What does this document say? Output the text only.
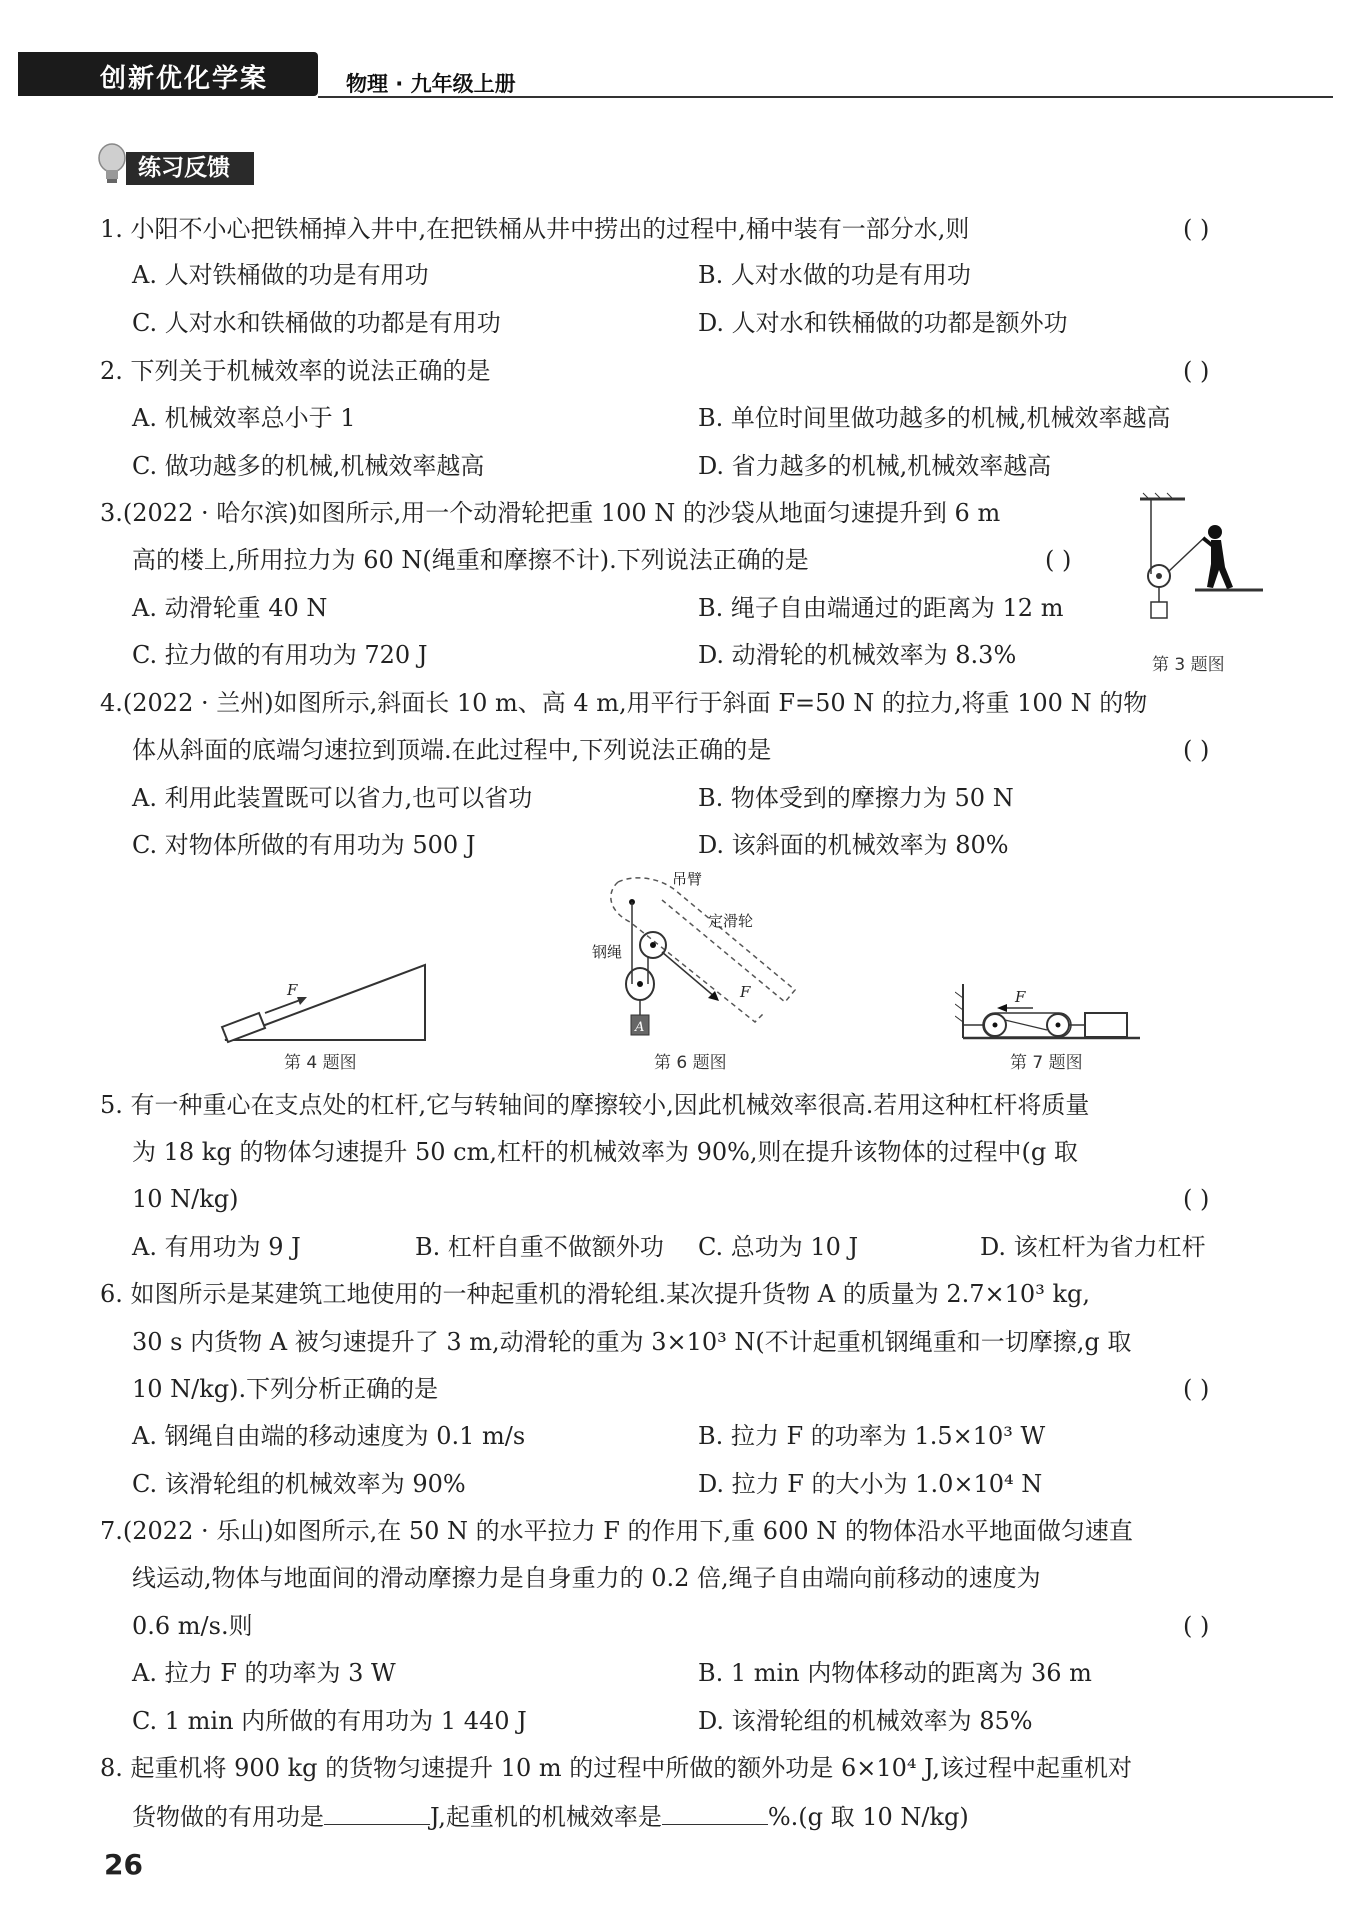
创新优化学案	物理 · 九年级上册
练习反馈
1. 小阳不小心把铁桶掉入井中,在把铁桶从井中捞出的过程中,桶中装有一部分水,则	( )
A. 人对铁桶做的功是有用功	B. 人对水做的功是有用功
C. 人对水和铁桶做的功都是有用功	D. 人对水和铁桶做的功都是额外功
2. 下列关于机械效率的说法正确的是	( )
A. 机械效率总小于 1	B. 单位时间里做功越多的机械,机械效率越高
C. 做功越多的机械,机械效率越高	D. 省力越多的机械,机械效率越高
3.(2022 · 哈尔滨)如图所示,用一个动滑轮把重 100 N 的沙袋从地面匀速提升到 6 m
高的楼上,所用拉力为 60 N(绳重和摩擦不计).下列说法正确的是	( )
A. 动滑轮重 40 N	B. 绳子自由端通过的距离为 12 m
C. 拉力做的有用功为 720 J	D. 动滑轮的机械效率为 8.3%	第 3 题图
4.(2022 · 兰州)如图所示,斜面长 10 m、高 4 m,用平行于斜面 F=50 N 的拉力,将重 100 N 的物
体从斜面的底端匀速拉到顶端.在此过程中,下列说法正确的是	( )
A. 利用此装置既可以省力,也可以省功	B. 物体受到的摩擦力为 50 N
C. 对物体所做的有用功为 500 J	D. 该斜面的机械效率为 80%
F
第 4 题图
A
吊臂
定滑轮
钢绳
F
第 6 题图
F
第 7 题图
5. 有一种重心在支点处的杠杆,它与转轴间的摩擦较小,因此机械效率很高.若用这种杠杆将质量
为 18 kg 的物体匀速提升 50 cm,杠杆的机械效率为 90%,则在提升该物体的过程中(g 取
10 N/kg)	( )
A. 有用功为 9 J	B. 杠杆自重不做额外功 C. 总功为 10 J	D. 该杠杆为省力杠杆
6. 如图所示是某建筑工地使用的一种起重机的滑轮组.某次提升货物 A 的质量为 2.7×10³ kg,
30 s 内货物 A 被匀速提升了 3 m,动滑轮的重为 3×10³ N(不计起重机钢绳重和一切摩擦,g 取
10 N/kg).下列分析正确的是	( )
A. 钢绳自由端的移动速度为 0.1 m/s	B. 拉力 F 的功率为 1.5×10³ W
C. 该滑轮组的机械效率为 90%	D. 拉力 F 的大小为 1.0×10⁴ N
7.(2022 · 乐山)如图所示,在 50 N 的水平拉力 F 的作用下,重 600 N 的物体沿水平地面做匀速直
线运动,物体与地面间的滑动摩擦力是自身重力的 0.2 倍,绳子自由端向前移动的速度为
0.6 m/s.则	( )
A. 拉力 F 的功率为 3 W	B. 1 min 内物体移动的距离为 36 m
C. 1 min 内所做的有用功为 1 440 J	D. 该滑轮组的机械效率为 85%
8. 起重机将 900 kg 的货物匀速提升 10 m 的过程中所做的额外功是 6×10⁴ J,该过程中起重机对
货物做的有用功是	J,起重机的机械效率是	%.(g 取 10 N/kg)
26
